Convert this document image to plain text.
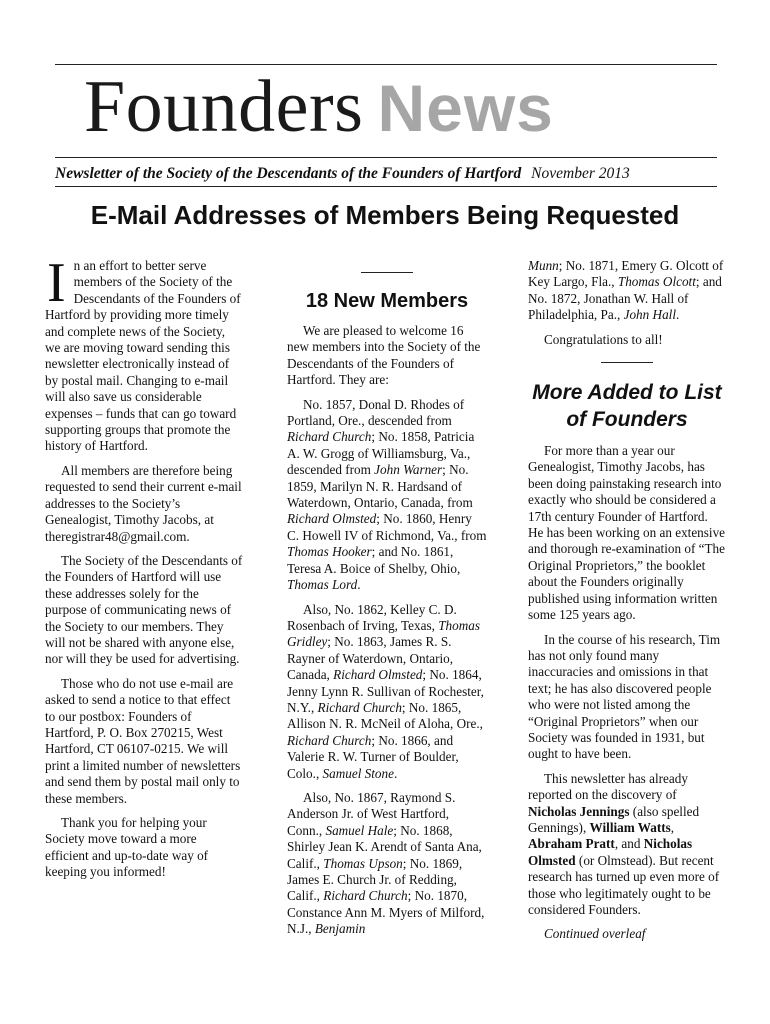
Founders News
Newsletter of the Society of the Descendants of the Founders of Hartford November 2013
E-Mail Addresses of Members Being Requested

In an effort to better serve members of the Society of the Descendants of the Founders of Hartford by providing more timely and complete news of the Society, we are moving toward sending this newsletter electronically instead of by postal mail. Changing to e-mail will also save us considerable expenses – funds that can go toward supporting groups that promote the history of Hartford.

All members are therefore being requested to send their current e-mail addresses to the Society’s Genealogist, Timothy Jacobs, at theregistrar48@gmail.com.

The Society of the Descendants of the Founders of Hartford will use these addresses solely for the purpose of communicating news of the Society to our members. They will not be shared with anyone else, nor will they be used for advertising.

Those who do not use e-mail are asked to send a notice to that effect to our postbox: Founders of Hartford, P. O. Box 270215, West Hartford, CT 06107-0215. We will print a limited number of newsletters and send them by postal mail only to these members.

Thank you for helping your Society move toward a more efficient and up-to-date way of keeping you informed!

18 New Members

We are pleased to welcome 16 new members into the Society of the Descendants of the Founders of Hartford. They are:

No. 1857, Donal D. Rhodes of Portland, Ore., descended from Richard Church; No. 1858, Patricia A. W. Grogg of Williamsburg, Va., descended from John Warner; No. 1859, Marilyn N. R. Hardsand of Waterdown, Ontario, Canada, from Richard Olmsted; No. 1860, Henry C. Howell IV of Richmond, Va., from Thomas Hooker; and No. 1861, Teresa A. Boice of Shelby, Ohio, Thomas Lord.

Also, No. 1862, Kelley C. D. Rosenbach of Irving, Texas, Thomas Gridley; No. 1863, James R. S. Rayner of Waterdown, Ontario, Canada, Richard Olmsted; No. 1864, Jenny Lynn R. Sullivan of Rochester, N.Y., Richard Church; No. 1865, Allison N. R. McNeil of Aloha, Ore., Richard Church; No. 1866, and Valerie R. W. Turner of Boulder, Colo., Samuel Stone.

Also, No. 1867, Raymond S. Anderson Jr. of West Hartford, Conn., Samuel Hale; No. 1868, Shirley Jean K. Arendt of Santa Ana, Calif., Thomas Upson; No. 1869, James E. Church Jr. of Redding, Calif., Richard Church; No. 1870, Constance Ann M. Myers of Milford, N.J., Benjamin

Munn; No. 1871, Emery G. Olcott of Key Largo, Fla., Thomas Olcott; and No. 1872, Jonathan W. Hall of Philadelphia, Pa., John Hall.

Congratulations to all!

More Added to List of Founders

For more than a year our Genealogist, Timothy Jacobs, has been doing painstaking research into exactly who should be considered a 17th century Founder of Hartford. He has been working on an extensive and thorough re-examination of “The Original Proprietors,” the booklet about the Founders originally published using information written some 125 years ago.

In the course of his research, Tim has not only found many inaccuracies and omissions in that text; he has also discovered people who were not listed among the “Original Proprietors” when our Society was founded in 1931, but ought to have been.

This newsletter has already reported on the discovery of Nicholas Jennings (also spelled Gennings), William Watts, Abraham Pratt, and Nicholas Olmsted (or Olmstead). But recent research has turned up even more of those who legitimately ought to be considered Founders.

Continued overleaf
